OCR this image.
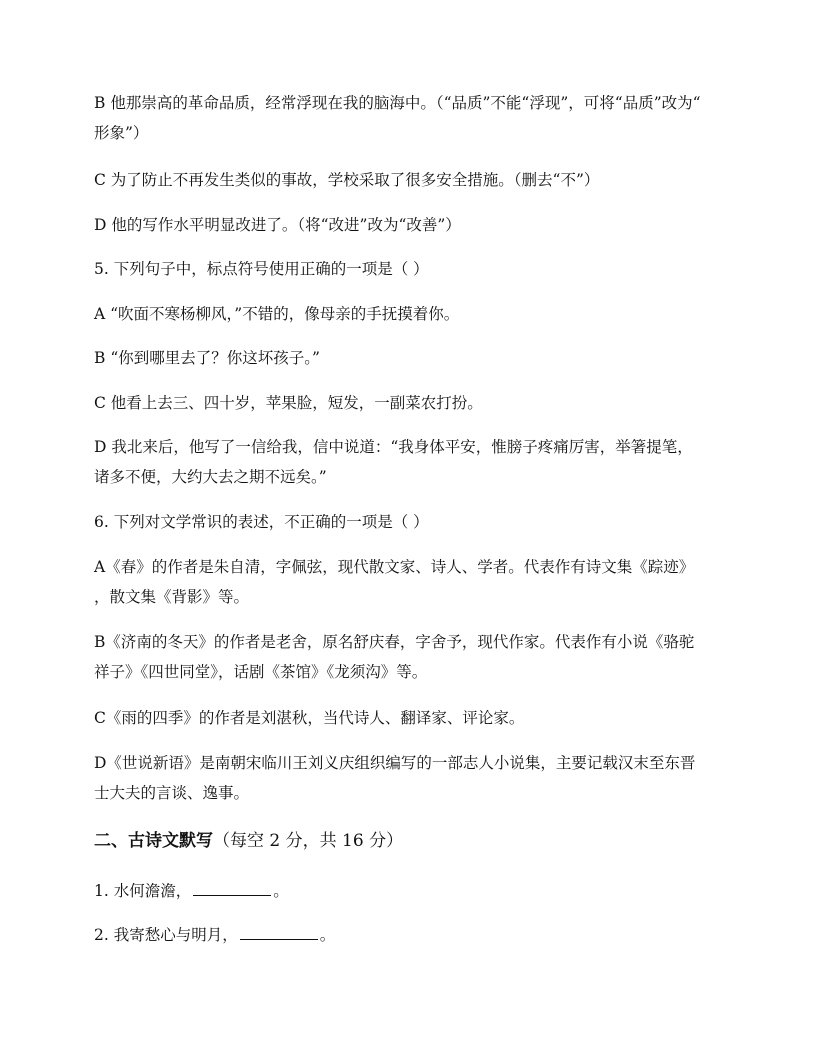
B 他那崇高的革命品质，经常浮现在我的脑海中。（“品质”不能“浮现”，可将“品质”改为“
形象”）
C 为了防止不再发生类似的事故，学校采取了很多安全措施。（删去“不”）
D 他的写作水平明显改进了。（将“改进”改为“改善”）
5. 下列句子中，标点符号使用正确的一项是（ ）
A “吹面不寒杨柳风，”不错的，像母亲的手抚摸着你。
B “你到哪里去了？你这坏孩子。”
C 他看上去三、四十岁，苹果脸，短发，一副菜农打扮。
D 我北来后，他写了一信给我，信中说道：“我身体平安，惟膀子疼痛厉害，举箸提笔，
诸多不便，大约大去之期不远矣。”
6. 下列对文学常识的表述，不正确的一项是（ ）
A《春》的作者是朱自清，字佩弦，现代散文家、诗人、学者。代表作有诗文集《踪迹》
，散文集《背影》等。
B《济南的冬天》的作者是老舍，原名舒庆春，字舍予，现代作家。代表作有小说《骆驼
祥子》《四世同堂》，话剧《茶馆》《龙须沟》等。
C《雨的四季》的作者是刘湛秋，当代诗人、翻译家、评论家。
D《世说新语》是南朝宋临川王刘义庆组织编写的一部志人小说集，主要记载汉末至东晋
士大夫的言谈、逸事。
二、古诗文默写（每空 2 分，共 16 分）
1. 水何澹澹，	。
2. 我寄愁心与明月，	。
